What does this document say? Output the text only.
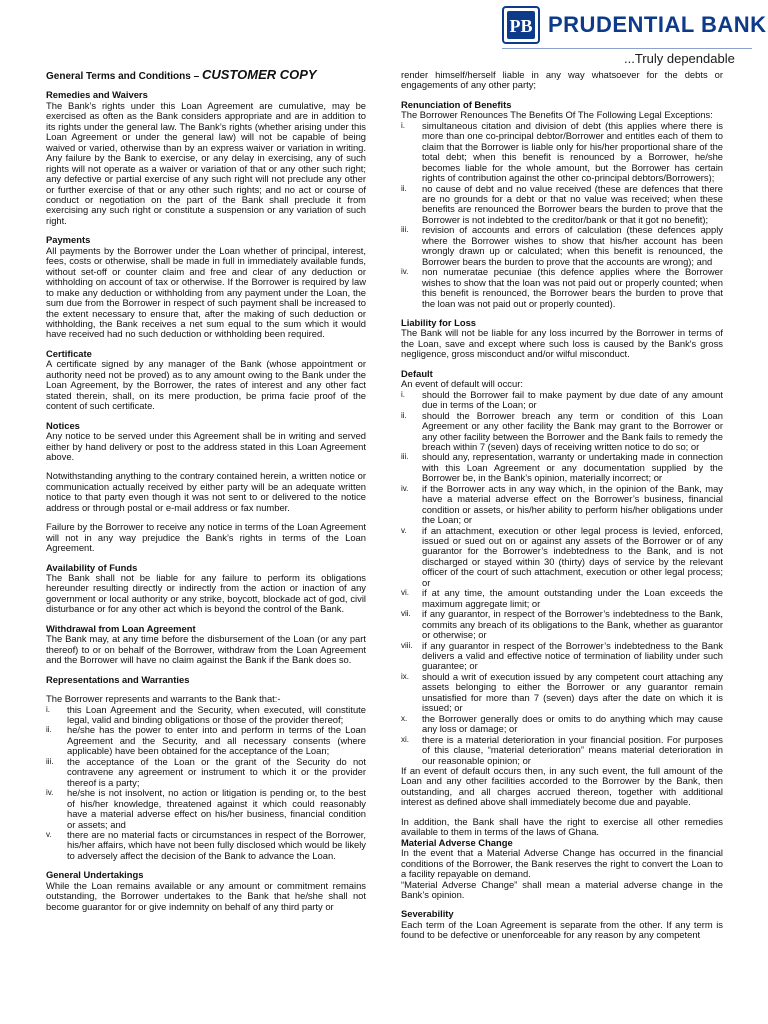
PB PRUDENTIAL BANK
...Truly dependable
General Terms and Conditions – CUSTOMER COPY

Remedies and Waivers

The Bank’s rights under this Loan Agreement are cumulative, may be exercised as often as the Bank considers appropriate and are in addition to its rights under the general law. The Bank’s rights (whether arising under this Loan Agreement or under the general law) will not be capable of being waived or varied, otherwise than by an express waiver or variation in writing. Any failure by the Bank to exercise, or any delay in exercising, any of such rights will not operate as a waiver or variation of that or any other such right; any defective or partial exercise of any such right will not preclude any other or further exercise of that or any other such rights; and no act or course of conduct or negotiation on the part of the Bank shall preclude it from exercising any such right or constitute a suspension or any variation of such right.

Payments

All payments by the Borrower under the Loan whether of principal, interest, fees, costs or otherwise, shall be made in full in immediately available funds, without set-off or counter claim and free and clear of any deduction or withholding on account of tax or otherwise. If the Borrower is required by law to make any deduction or withholding from any payment under the Loan, the sum due from the Borrower in respect of such payment shall be increased to the extent necessary to ensure that, after the making of such deduction or withholding, the Bank receives a net sum equal to the sum which it would have received had no such deduction or withholding been required.

Certificate

A certificate signed by any manager of the Bank (whose appointment or authority need not be proved) as to any amount owing to the Bank under the Loan Agreement, by the Borrower, the rates of interest and any other fact stated therein, shall, on its mere production, be prima facie proof of the content of such certificate.

Notices

Any notice to be served under this Agreement shall be in writing and served either by hand delivery or post to the address stated in this Loan Agreement above.

Notwithstanding anything to the contrary contained herein, a written notice or communication actually received by either party will be an adequate written notice to that party even though it was not sent to or delivered to the notice address or through postal or e-mail address or fax number.

Failure by the Borrower to receive any notice in terms of the Loan Agreement will not in any way prejudice the Bank’s rights in terms of the Loan Agreement.

Availability of Funds

The Bank shall not be liable for any failure to perform its obligations hereunder resulting directly or indirectly from the action or inaction of any government or local authority or any strike, boycott, blockade act of god, civil disturbance or for any other act which is beyond the control of the Bank.

Withdrawal from Loan Agreement

The Bank may, at any time before the disbursement of the Loan (or any part thereof) to or on behalf of the Borrower, withdraw from the Loan Agreement and the Borrower will have no claim against the Bank if the Bank does so.

Representations and Warranties

The Borrower represents and warrants to the Bank that:-

i. this Loan Agreement and the Security, when executed, will constitute legal, valid and binding obligations or those of the provider thereof;
ii. he/she has the power to enter into and perform in terms of the Loan Agreement and the Security, and all necessary consents (where applicable) have been obtained for the acceptance of the Loan;
iii. the acceptance of the Loan or the grant of the Security do not contravene any agreement or instrument to which it or the provider thereof is a party;
iv. he/she is not insolvent, no action or litigation is pending or, to the best of his/her knowledge, threatened against it which could reasonably have a material adverse effect on his/her business, financial condition or assets; and
v. there are no material facts or circumstances in respect of the Borrower, his/her affairs, which have not been fully disclosed which would be likely to adversely affect the decision of the Bank to advance the Loan.

General Undertakings

While the Loan remains available or any amount or commitment remains outstanding, the Borrower undertakes to the Bank that he/she shall not become guarantor for or give indemnity on behalf of any third party or

render himself/herself liable in any way whatsoever for the debts or engagements of any other party;

Renunciation of Benefits

The Borrower Renounces The Benefits Of The Following Legal Exceptions:

i. simultaneous citation and division of debt (this applies where there is more than one co-principal debtor/Borrower and entitles each of them to claim that the Borrower is liable only for his/her proportional share of the total debt; when this benefit is renounced by a Borrower, he/she becomes liable for the whole amount, but the Borrower has certain rights of contribution against the other co-principal debtors/Borrowers);
ii. no cause of debt and no value received (these are defences that there are no grounds for a debt or that no value was received; when these benefits are renounced the Borrower bears the burden to prove that the Borrower is not indebted to the creditor/bank or that it got no benefit);
iii. revision of accounts and errors of calculation (these defences apply where the Borrower wishes to show that his/her account has been wrongly drawn up or calculated; when this benefit is renounced, the Borrower bears the burden to prove that the accounts are wrong); and
iv. non numeratae pecuniae (this defence applies where the Borrower wishes to show that the loan was not paid out or properly counted; when this benefit is renounced, the Borrower bears the burden to prove that the loan was not paid out or properly counted).

Liability for Loss

The Bank will not be liable for any loss incurred by the Borrower in terms of the Loan, save and except where such loss is caused by the Bank's gross negligence, gross misconduct and/or wilful misconduct.

Default

An event of default will occur:

i. should the Borrower fail to make payment by due date of any amount due in terms of the Loan; or
ii. should the Borrower breach any term or condition of this Loan Agreement or any other facility the Bank may grant to the Borrower or any other facility between the Borrower and the Bank fails to remedy the breach within 7 (seven) days of receiving written notice to do so; or
iii. should any, representation, warranty or undertaking made in connection with this Loan Agreement or any documentation supplied by the Borrower be, in the Bank’s opinion, materially incorrect; or
iv. if the Borrower acts in any way which, in the opinion of the Bank, may have a material adverse effect on the Borrower’s business, financial condition or assets, or his/her ability to perform his/her obligations under the Loan; or
v. if an attachment, execution or other legal process is levied, enforced, issued or sued out on or against any assets of the Borrower or of any guarantor for the Borrower’s indebtedness to the Bank, and is not discharged or stayed within 30 (thirty) days of service by the relevant officer of the court of such attachment, execution or other legal process; or
vi. if at any time, the amount outstanding under the Loan exceeds the maximum aggregate limit; or
vii. if any guarantor, in respect of the Borrower’s indebtedness to the Bank, commits any breach of its obligations to the Bank, whether as guarantor or otherwise; or
viii. if any guarantor in respect of the Borrower’s indebtedness to the Bank delivers a valid and effective notice of termination of liability under such guarantee; or
ix. should a writ of execution issued by any competent court attaching any assets belonging to either the Borrower or any guarantor remain unsatisfied for more than 7 (seven) days after the date on which it is issued; or
x. the Borrower generally does or omits to do anything which may cause any loss or damage; or
xi. there is a material deterioration in your financial position. For purposes of this clause, “material deterioration” means material deterioration in our reasonable opinion; or

If an event of default occurs then, in any such event, the full amount of the Loan and any other facilities accorded to the Borrower by the Bank, then outstanding, and all charges accrued thereon, together with additional interest as defined above shall immediately become due and payable.

In addition, the Bank shall have the right to exercise all other remedies available to them in terms of the laws of Ghana.

Material Adverse Change

In the event that a Material Adverse Change has occurred in the financial conditions of the Borrower, the Bank reserves the right to convert the Loan to a facility repayable on demand.

“Material Adverse Change” shall mean a material adverse change in the Bank’s opinion.

Severability

Each term of the Loan Agreement is separate from the other. If any term is found to be defective or unenforceable for any reason by any competent
